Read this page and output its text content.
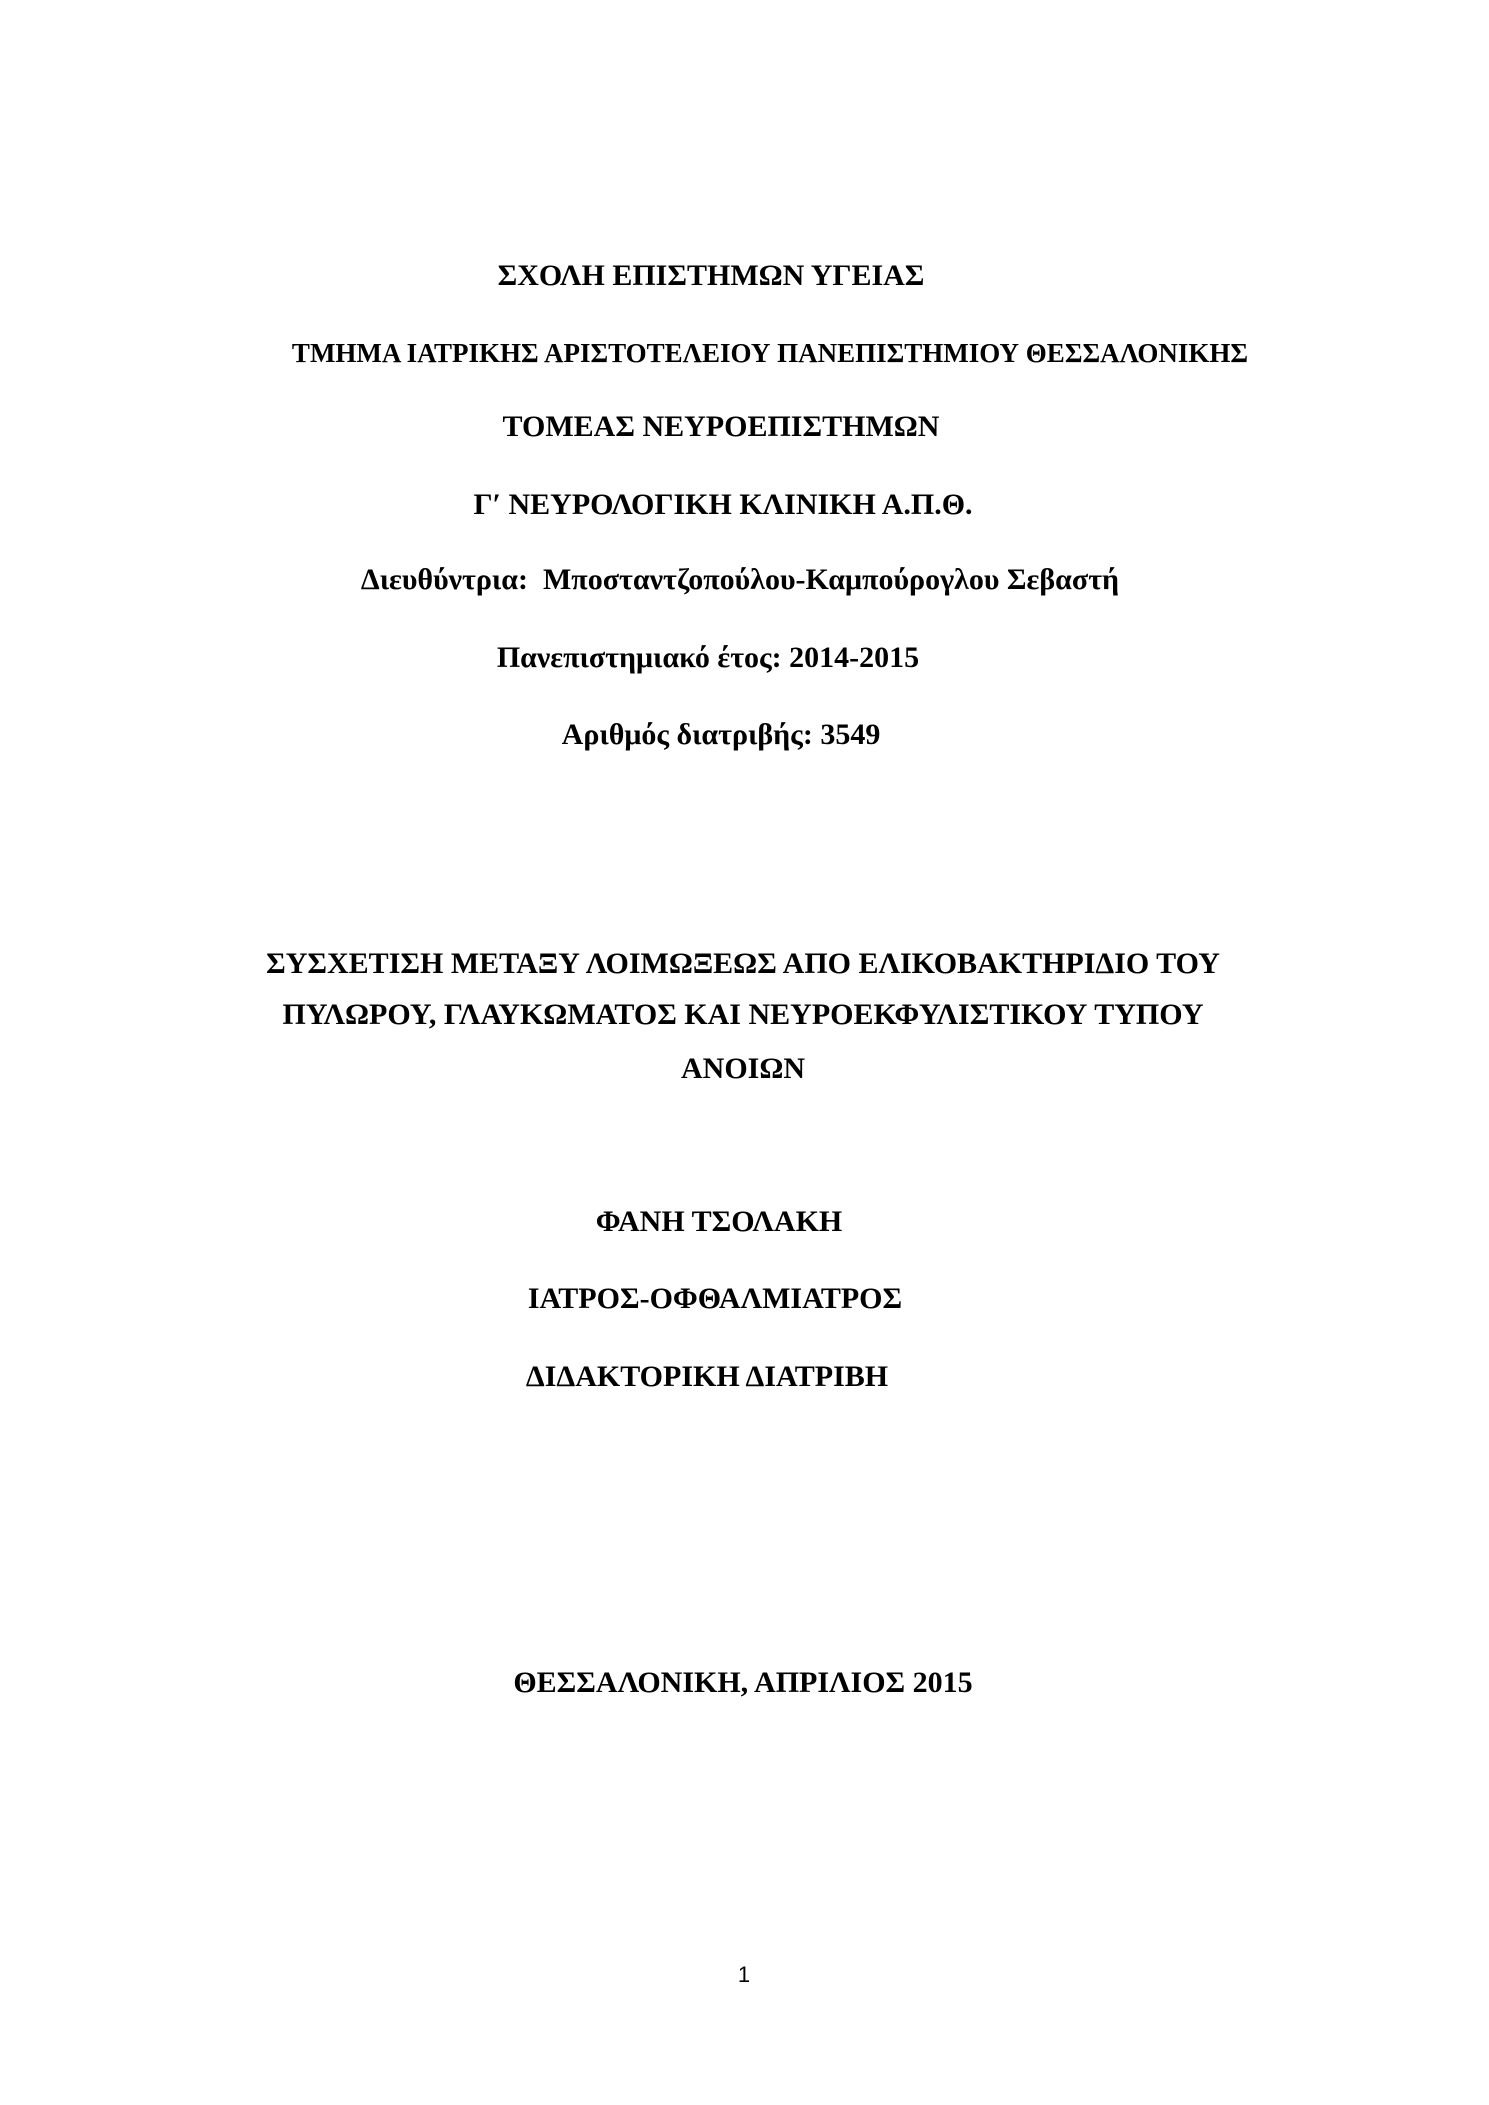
ΣΧΟΛΗ ΕΠΙΣΤΗΜΩΝ ΥΓΕΙΑΣ
ΤΜΗΜΑ ΙΑΤΡΙΚΗΣ ΑΡΙΣΤΟΤΕΛΕΙΟΥ ΠΑΝΕΠΙΣΤΗΜΙΟΥ ΘΕΣΣΑΛΟΝΙΚΗΣ
ΤΟΜΕΑΣ ΝΕΥΡΟΕΠΙΣΤΗΜΩΝ
Γ′ ΝΕΥΡΟΛΟΓΙΚΗ ΚΛΙΝΙΚΗ Α.Π.Θ.
Διευθύντρια: Μποσταντζοπούλου-Καμπούρογλου Σεβαστή
Πανεπιστημιακό έτος: 2014-2015
Αριθμός διατριβής: 3549
ΣΥΣΧΕΤΙΣΗ ΜΕΤΑΞΥ ΛΟΙΜΩΞΕΩΣ ΑΠΟ ΕΛΙΚΟΒΑΚΤΗΡΙΔΙΟ ΤΟΥ
ΠΥΛΩΡΟΥ, ΓΛΑΥΚΩΜΑΤΟΣ ΚΑΙ ΝΕΥΡΟΕΚΦΥΛΙΣΤΙΚΟΥ ΤΥΠΟΥ
ΑΝΟΙΩΝ
ΦΑΝΗ ΤΣΟΛΑΚΗ
ΙΑΤΡΟΣ-ΟΦΘΑΛΜΙΑΤΡΟΣ
ΔΙΔΑΚΤΟΡΙΚΗ ΔΙΑΤΡΙΒΗ
ΘΕΣΣΑΛΟΝΙΚΗ, ΑΠΡΙΛΙΟΣ 2015
1
